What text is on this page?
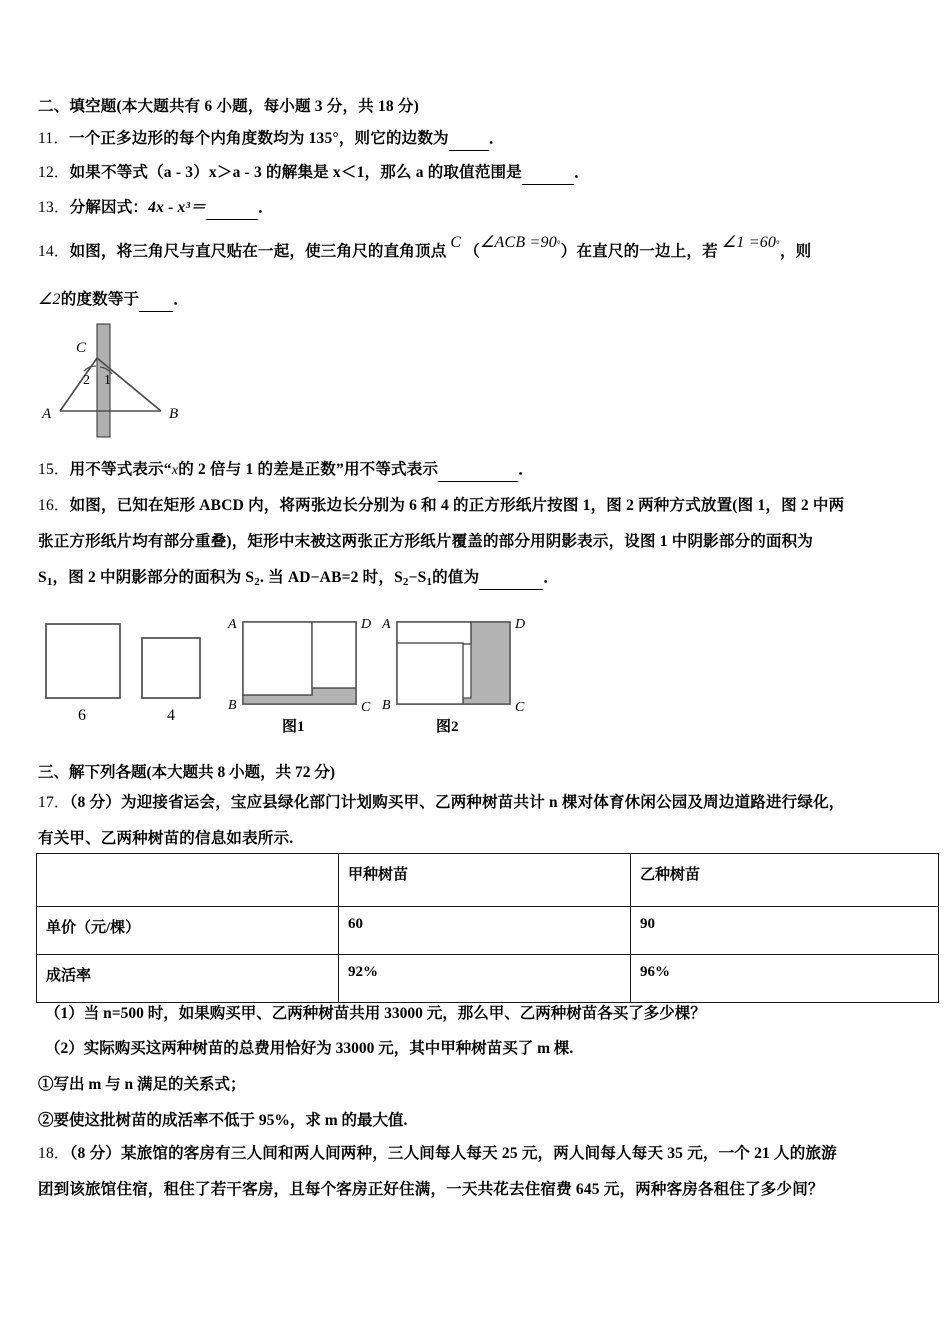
二、填空题(本大题共有 6 小题，每小题 3 分，共 18 分)
11．一个正多边形的每个内角度数均为 135°，则它的边数为	．
12．如果不等式（a - 3）x＞a - 3 的解集是 x＜1，那么 a 的取值范围是	．
13．分解因式：4x - x³＝	．
14．如图，将三角尺与直尺贴在一起，使三角尺的直角顶点C（∠ACB =90°）在直尺的一边上，若∠1 =60°，则
∠2的度数等于 ．
C
A	B
2 1
15．用不等式表示“x的 2 倍与 1 的差是正数”用不等式表示	．
16．如图，已知在矩形 ABCD 内，将两张边长分别为 6 和 4 的正方形纸片按图 1，图 2 两种方式放置(图 1，图 2 中两
张正方形纸片均有部分重叠)，矩形中末被这两张正方形纸片覆盖的部分用阴影表示，设图 1 中阴影部分的面积为
$S_1$，图 2 中阴影部分的面积为 $S_2$. 当 AD−AB=2 时，$S_2-S_1$的值为	．
6	4
A	D
B	C
图1
A	D
B	C
图2
三、解下列各题(本大题共 8 小题，共 72 分)
17．（8 分）为迎接省运会，宝应县绿化部门计划购买甲、乙两种树苗共计 n 棵对体育休闲公园及周边道路进行绿化，
有关甲、乙两种树苗的信息如表所示.
	甲种树苗	乙种树苗
单价（元/棵）	60	90
成活率	92%	96%
（1）当 n=500 时，如果购买甲、乙两种树苗共用 33000 元，那么甲、乙两种树苗各买了多少棵？
（2）实际购买这两种树苗的总费用恰好为 33000 元，其中甲种树苗买了 m 棵.
①写出 m 与 n 满足的关系式；
②要使这批树苗的成活率不低于 95%，求 m 的最大值.
18．（8 分）某旅馆的客房有三人间和两人间两种，三人间每人每天 25 元，两人间每人每天 35 元，一个 21 人的旅游
团到该旅馆住宿，租住了若干客房，且每个客房正好住满，一天共花去住宿费 645 元，两种客房各租住了多少间？
